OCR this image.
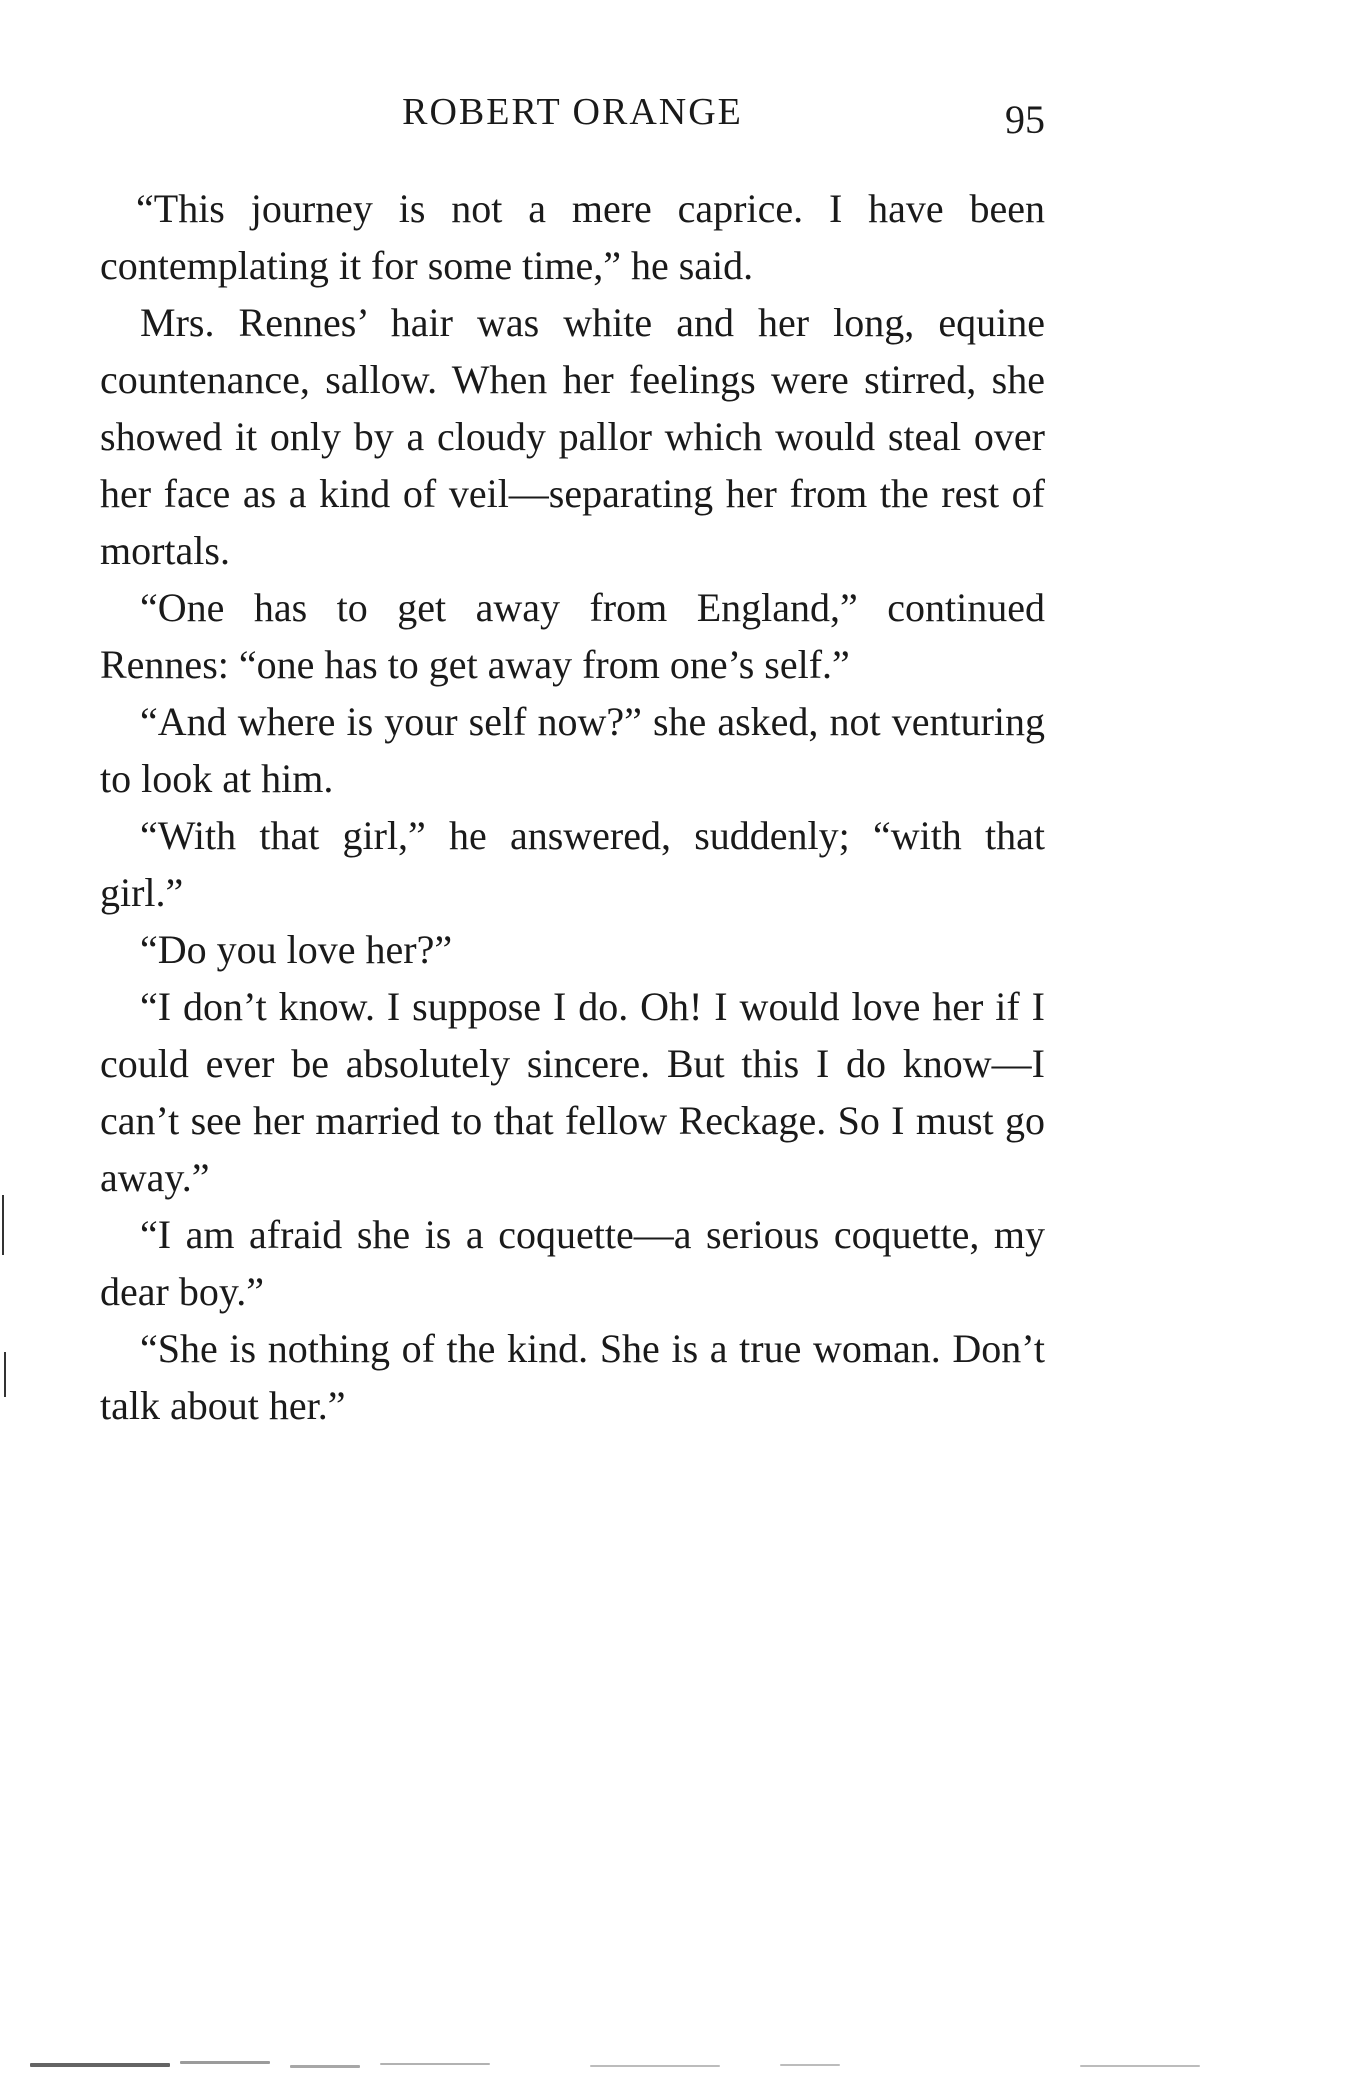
ROBERT ORANGE	95

“This journey is not a mere caprice. I have been contemplating it for some time,” he said.

Mrs. Rennes’ hair was white and her long, equine countenance, sallow. When her feelings were stirred, she showed it only by a cloudy pallor which would steal over her face as a kind of veil—separating her from the rest of mortals.

“One has to get away from England,” continued Rennes: “one has to get away from one’s self.”

“And where is your self now?” she asked, not venturing to look at him.

“With that girl,” he answered, suddenly; “with that girl.”

“Do you love her?”

“I don’t know. I suppose I do. Oh! I would love her if I could ever be absolutely sincere. But this I do know—I can’t see her married to that fellow Reckage. So I must go away.”

“I am afraid she is a coquette—a serious coquette, my dear boy.”

“She is nothing of the kind. She is a true woman. Don’t talk about her.”
